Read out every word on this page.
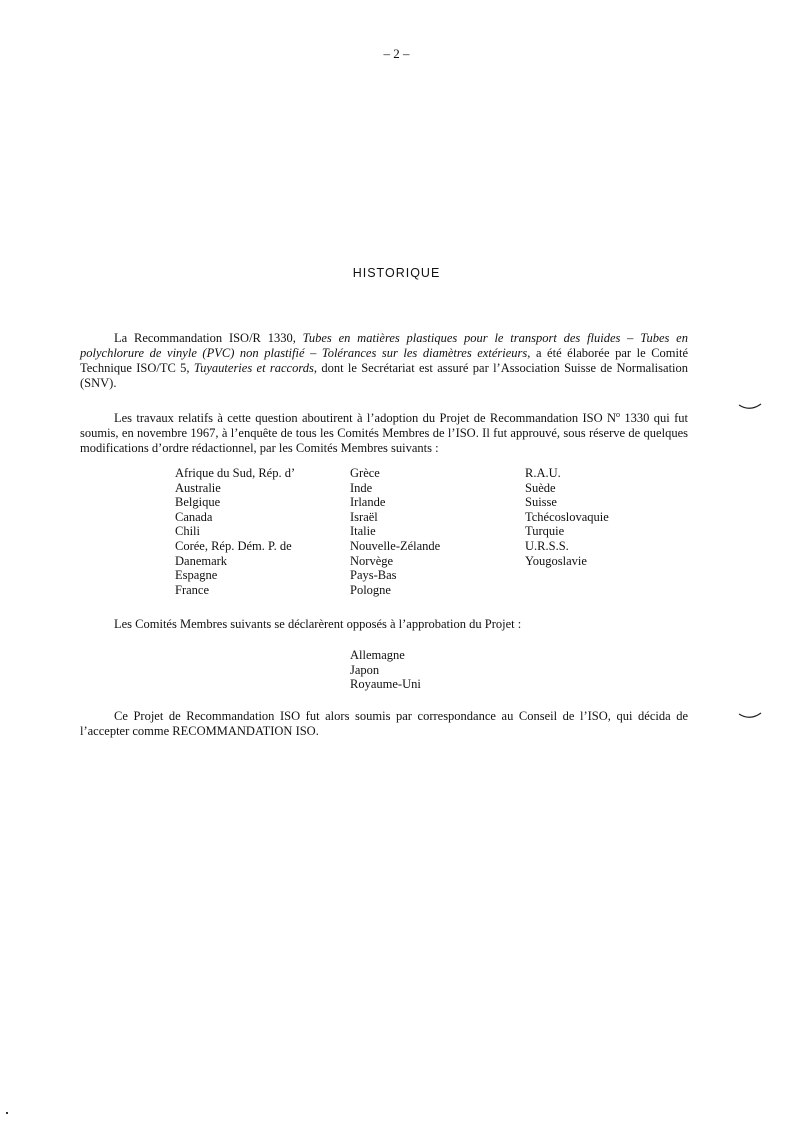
– 2 –
HISTORIQUE
La Recommandation ISO/R 1330, Tubes en matières plastiques pour le transport des fluides – Tubes en polychlorure de vinyle (PVC) non plastifié – Tolérances sur les diamètres extérieurs, a été élaborée par le Comité Technique ISO/TC 5, Tuyauteries et raccords, dont le Secrétariat est assuré par l’Association Suisse de Normalisation (SNV).
Les travaux relatifs à cette question aboutirent à l’adoption du Projet de Recommandation ISO $N^o$ 1330 qui fut soumis, en novembre 1967, à l’enquête de tous les Comités Membres de l’ISO. Il fut approuvé, sous réserve de quelques modifications d’ordre rédactionnel, par les Comités Membres suivants :
Afrique du Sud, Rép. d’
Australie
Belgique
Canada
Chili
Corée, Rép. Dém. P. de
Danemark
Espagne
France
Grèce
Inde
Irlande
Israël
Italie
Nouvelle-Zélande
Norvège
Pays-Bas
Pologne
R.A.U.
Suède
Suisse
Tchécoslovaquie
Turquie
U.R.S.S.
Yougoslavie
Les Comités Membres suivants se déclarèrent opposés à l’approbation du Projet :
Allemagne
Japon
Royaume-Uni
Ce Projet de Recommandation ISO fut alors soumis par correspondance au Conseil de l’ISO, qui décida de l’accepter comme RECOMMANDATION ISO.
